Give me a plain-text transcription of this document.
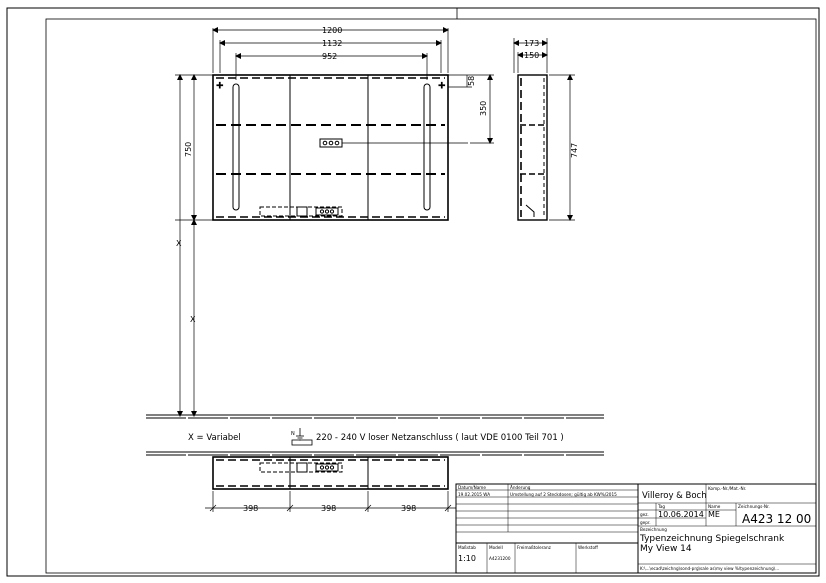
+	+
1200
1132
952
750
X
X
58
350
173
150
747
X = Variabel	N	220 - 240 V loser Netzanschluss ( laut VDE 0100 Teil 701 )
398	398	398
Datum/Name	Änderung
19.02.2015 WA	Umstellung auf 2 Steckdosen; gültig ab KW%/2015	Villeroy & Boch
Komp.-Nr./Mat.-Nr.
Tag	Name	Zeichnungs-Nr.
gez. 10.06.2014 ME A423 12 00
gepr.
Bezeichnung
Typenzeichnung Spiegelschrank
My View 14
Maßstab
1:10
Modell
A4231200
Freimaßtoleranz	Werkstoff
K:\...\ecad\zeichng\sond-prg\sale as\my view %\typenzeichnung\...
